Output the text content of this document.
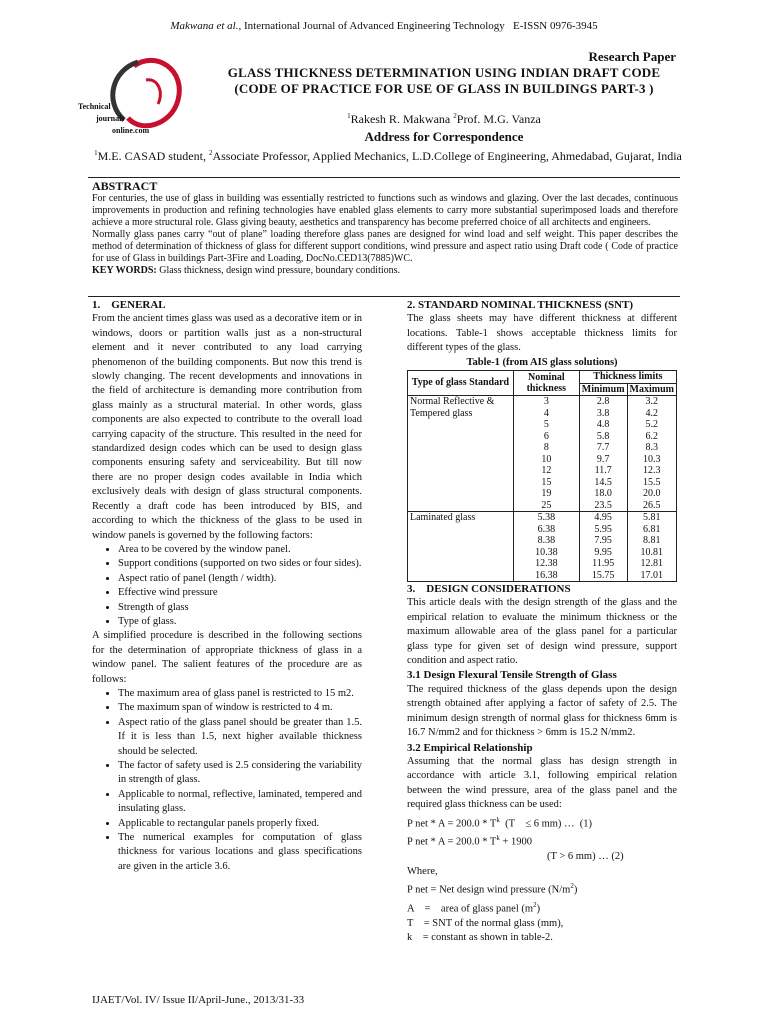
Makwana et al., International Journal of Advanced Engineering Technology E-ISSN 0976-3945
Research Paper
Technical
journals
online.com
GLASS THICKNESS DETERMINATION USING INDIAN DRAFT CODE
(CODE OF PRACTICE FOR USE OF GLASS IN BUILDINGS PART-3 )
$^1$Rakesh R. Makwana $^2$Prof. M.G. Vanza
Address for Correspondence
$^1$M.E. CASAD student, $^2$Associate Professor, Applied Mechanics, L.D.College of Engineering, Ahmedabad, Gujarat, India
ABSTRACT

For centuries, the use of glass in building was essentially restricted to functions such as windows and glazing. Over the last decades, continuous improvements in production and refining technologies have enabled glass elements to carry more substantial superimposed loads and therefore achieve a more structural role. Glass giving beauty, aesthetics and transparency has become preferred choice of all architects and engineers.

Normally glass panes carry “out of plane” loading therefore glass panes are designed for wind load and self weight. This paper describes the method of determination of thickness of glass for different support conditions, wind pressure and aspect ratio using Draft code ( Code of practice for use of Glass in buildings Part-3Fire and Loading, DocNo.CED13(7885)WC.

KEY WORDS: Glass thickness, design wind pressure, boundary conditions.

1.    GENERAL

From the ancient times glass was used as a decorative item or in windows, doors or partition walls just as a non-structural element and it never contributed to any load carrying phenomenon of the building components. But now this trend is slowly changing. The recent developments and innovations in the field of architecture is demanding more contribution from glass mainly as a structural material. In other words, glass components are also expected to contribute to the overall load carrying capacity of the structure. This resulted in the need for standardized design codes which can be used to design glass components ensuring safety and serviceability. But till now there are no proper design codes available in India which exclusively deals with design of glass structural components. Recently a draft code has been introduced by BIS, and according to which the thickness of the glass to be used in window panels is governed by the following factors:

• Area to be covered by the window panel.
• Support conditions (supported on two sides or four sides).
• Aspect ratio of panel (length / width).
• Effective wind pressure
• Strength of glass
• Type of glass.

A simplified procedure is described in the following sections for the determination of appropriate thickness of glass in a window panel. The salient features of the procedure are as follows:

• The maximum area of glass panel is restricted to 15 m2.
• The maximum span of window is restricted to 4 m.
• Aspect ratio of the glass panel should be greater than 1.5. If it is less than 1.5, next higher available thickness should be selected.
• The factor of safety used is 2.5 considering the variability in strength of glass.
• Applicable to normal, reflective, laminated, tempered and insulating glass.
• Applicable to rectangular panels properly fixed.
• The numerical examples for computation of glass thickness for various locations and glass specifications are given in the article 3.6.
2. STANDARD NOMINAL THICKNESS (SNT)

The glass sheets may have different thickness at different locations. Table-1 shows acceptable thickness limits for different types of the glass.

Table-1 (from AIS glass solutions)
Type of glass Standard	Nominal thickness	Thickness limits	
		Minimum	Maximum
Normal Reflective & Tempered glass	3	2.8	3.2
	4	3.8	4.2
	5	4.8	5.2
	6	5.8	6.2
	8	7.7	8.3
	10	9.7	10.3
	12	11.7	12.3
	15	14.5	15.5
	19	18.0	20.0
	25	23.5	26.5
Laminated glass	5.38	4.95	5.81
	6.38	5.95	6.81
	8.38	7.95	8.81
	10.38	9.95	10.81
	12.38	11.95	12.81
	16.38	15.75	17.01
3.    DESIGN CONSIDERATIONS

This article deals with the design strength of the glass and the empirical relation to evaluate the minimum thickness or the maximum allowable area of the glass panel for a particular glass type for given set of design wind pressure, support condition and aspect ratio.

3.1 Design Flexural Tensile Strength of Glass

The required thickness of the glass depends upon the design strength obtained after applying a factor of safety of 2.5. The minimum design strength of normal glass for thickness 6mm is 16.7 N/mm2 and for thickness > 6mm is 15.2 N/mm2.

3.2 Empirical Relationship

Assuming that the normal glass has design strength in accordance with article 3.1, following empirical relation between the wind pressure, area of the glass panel and the required glass thickness can be used:

P net * $A = 200.0 * T^k$  (T    ≤ 6 mm) …  (1)

P net * $A = 200.0 * T^k + 1900$

(T > 6 mm) … (2)

Where,

P net = Net design wind pressure $(N/m^2)$

A    =    area of glass panel $(m^2)$

T    = SNT of the normal glass (mm),

k    = constant as shown in table-2.

IJAET/Vol. IV/ Issue II/April-June., 2013/31-33
